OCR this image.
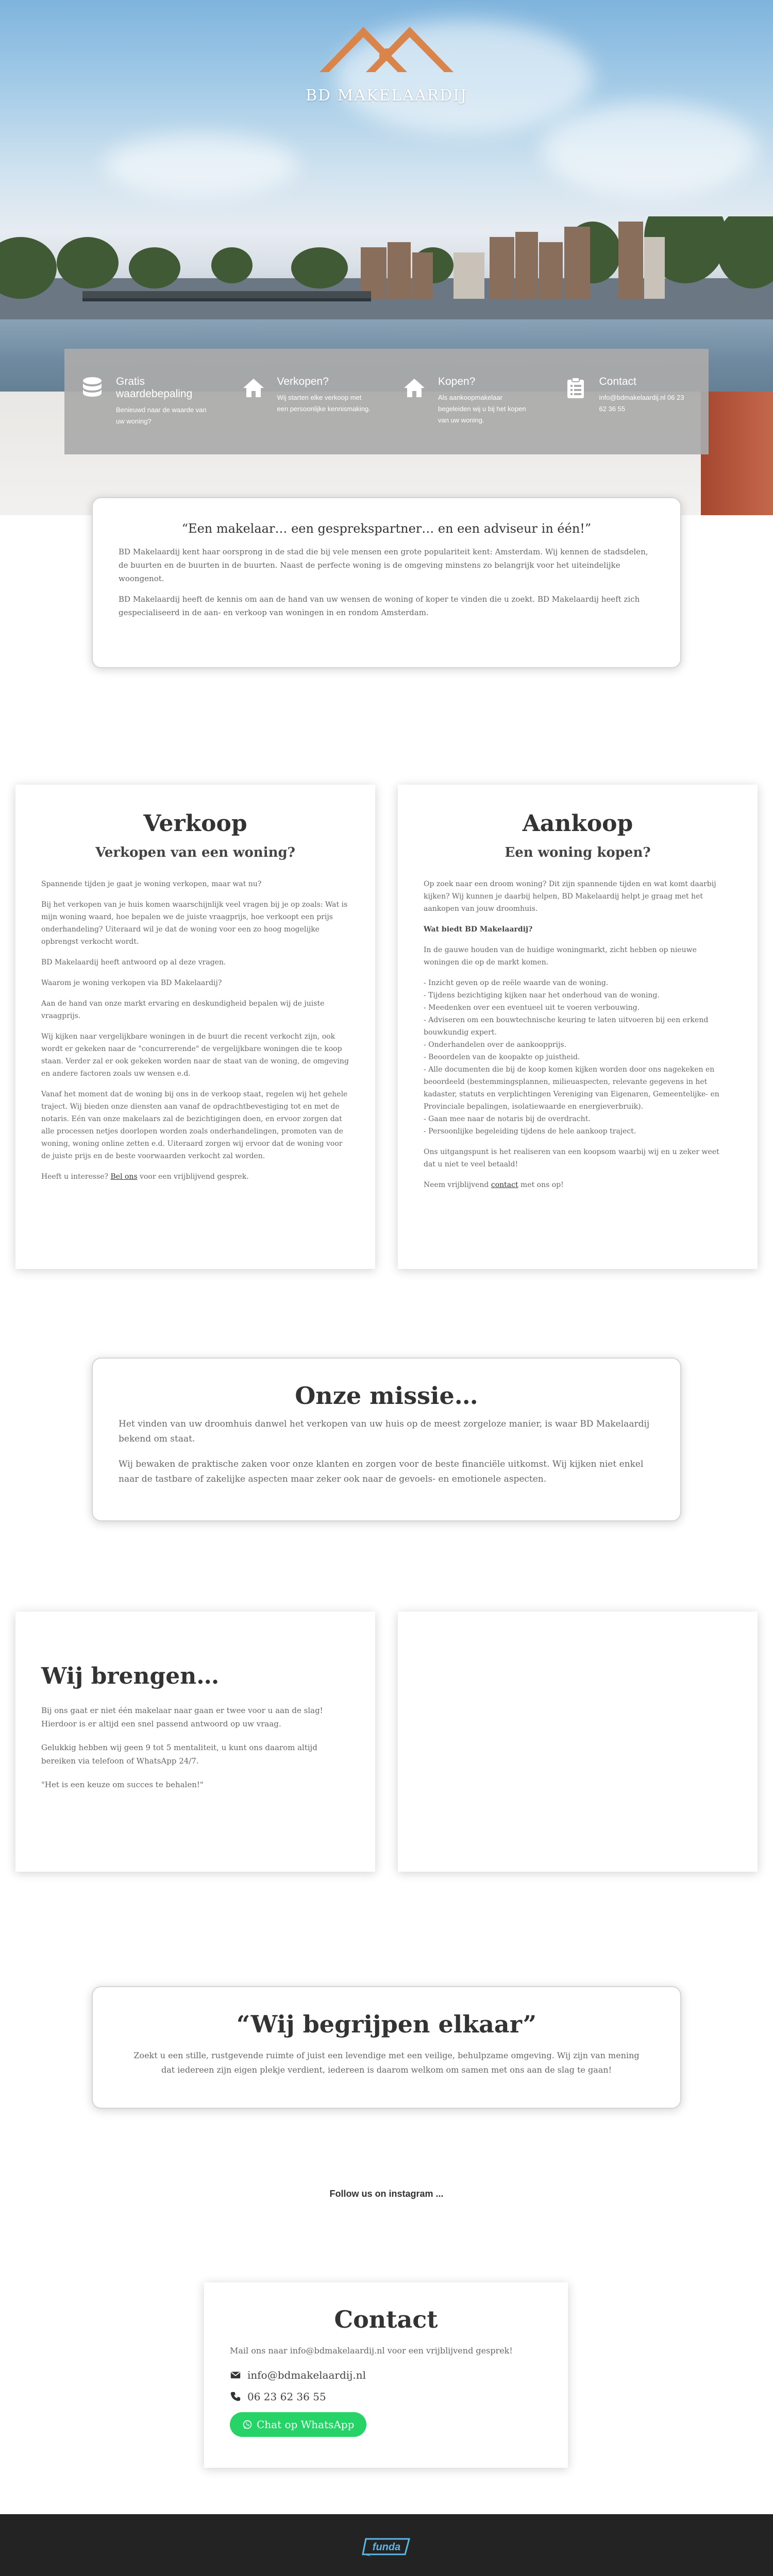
BD MAKELAARDIJ
Gratis waardebepaling
Benieuwd naar de waarde van uw woning?
Verkopen?
Wij starten elke verkoop met een persoonlijke kennismaking.
Kopen?
Als aankoopmakelaar begeleiden wij u bij het kopen van uw woning.
Contact
info@bdmakelaardij.nl 06 23 62 36 55
“Een makelaar… een gesprekspartner… en een adviseur in één!”

BD Makelaardij kent haar oorsprong in de stad die bij vele mensen een grote populariteit kent: Amsterdam. Wij kennen de stadsdelen, de buurten en de buurten in de buurten. Naast de perfecte woning is de omgeving minstens zo belangrijk voor het uiteindelijke woongenot.

BD Makelaardij heeft de kennis om aan de hand van uw wensen de woning of koper te vinden die u zoekt. BD Makelaardij heeft zich gespecialiseerd in de aan- en verkoop van woningen in en rondom Amsterdam.

Verkoop
Verkopen van een woning?

Spannende tijden je gaat je woning verkopen, maar wat nu?

Bij het verkopen van je huis komen waarschijnlijk veel vragen bij je op zoals: Wat is mijn woning waard, hoe bepalen we de juiste vraagprijs, hoe verkoopt een prijs onderhandeling? Uiteraard wil je dat de woning voor een zo hoog mogelijke opbrengst verkocht wordt.

BD Makelaardij heeft antwoord op al deze vragen.

Waarom je woning verkopen via BD Makelaardij?

Aan de hand van onze markt ervaring en deskundigheid bepalen wij de juiste vraagprijs.

Wij kijken naar vergelijkbare woningen in de buurt die recent verkocht zijn, ook wordt er gekeken naar de "concurrerende" de vergelijkbare woningen die te koop staan. Verder zal er ook gekeken worden naar de staat van de woning, de omgeving en andere factoren zoals uw wensen e.d.

Vanaf het moment dat de woning bij ons in de verkoop staat, regelen wij het gehele traject. Wij bieden onze diensten aan vanaf de opdrachtbevestiging tot en met de notaris. Eén van onze makelaars zal de bezichtigingen doen, en ervoor zorgen dat alle processen netjes doorlopen worden zoals onderhandelingen, promoten van de woning, woning online zetten e.d. Uiteraard zorgen wij ervoor dat de woning voor de juiste prijs en de beste voorwaarden verkocht zal worden.

Heeft u interesse? Bel ons voor een vrijblijvend gesprek.

Aankoop
Een woning kopen?

Op zoek naar een droom woning? Dit zijn spannende tijden en wat komt daarbij kijken? Wij kunnen je daarbij helpen, BD Makelaardij helpt je graag met het aankopen van jouw droomhuis.

Wat biedt BD Makelaardij?

In de gauwe houden van de huidige woningmarkt, zicht hebben op nieuwe woningen die op de markt komen.

- Inzicht geven op de reële waarde van de woning.
- Tijdens bezichtiging kijken naar het onderhoud van de woning.
- Meedenken over een eventueel uit te voeren verbouwing.
- Adviseren om een bouwtechnische keuring te laten uitvoeren bij een erkend bouwkundig expert.
- Onderhandelen over de aankoopprijs.
- Beoordelen van de koopakte op juistheid.
- Alle documenten die bij de koop komen kijken worden door ons nagekeken en beoordeeld (bestemmingsplannen, milieuaspecten, relevante gegevens in het kadaster, statuts en verplichtingen Vereniging van Eigenaren, Gemeentelijke- en Provinciale bepalingen, isolatiewaarde en energieverbruik).
- Gaan mee naar de notaris bij de overdracht.
- Persoonlijke begeleiding tijdens de hele aankoop traject.

Ons uitgangspunt is het realiseren van een koopsom waarbij wij en u zeker weet dat u niet te veel betaald!

Neem vrijblijvend contact met ons op!

Onze missie…

Het vinden van uw droomhuis danwel het verkopen van uw huis op de meest zorgeloze manier, is waar BD Makelaardij bekend om staat.

Wij bewaken de praktische zaken voor onze klanten en zorgen voor de beste financiële uitkomst. Wij kijken niet enkel naar de tastbare of zakelijke aspecten maar zeker ook naar de gevoels- en emotionele aspecten.

Wij brengen…

Bij ons gaat er niet één makelaar naar gaan er twee voor u aan de slag! Hierdoor is er altijd een snel passend antwoord op uw vraag.

Gelukkig hebben wij geen 9 tot 5 mentaliteit, u kunt ons daarom altijd bereiken via telefoon of WhatsApp 24/7.

"Het is een keuze om succes te behalen!"

“Wij begrijpen elkaar”

Zoekt u een stille, rustgevende ruimte of juist een levendige met een veilige, behulpzame omgeving. Wij zijn van mening dat iedereen zijn eigen plekje verdient, iedereen is daarom welkom om samen met ons aan de slag te gaan!

Follow us on instagram ...
Contact
Mail ons naar info@bdmakelaardij.nl voor een vrijblijvend gesprek!
info@bdmakelaardij.nl
06 23 62 36 55
Chat op WhatsApp
funda
